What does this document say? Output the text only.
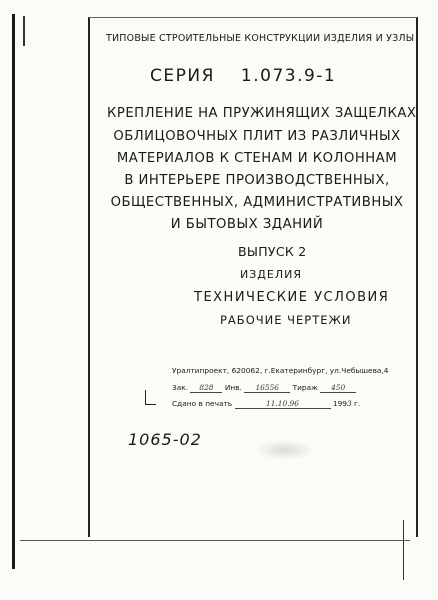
ТИПОВЫЕ СТРОИТЕЛЬНЫЕ КОНСТРУКЦИИ ИЗДЕЛИЯ И УЗЛЫ
СЕРИЯ 1.073.9-1
КРЕПЛЕНИЕ НА ПРУЖИНЯЩИХ ЗАЩЕЛКАХ
ОБЛИЦОВОЧНЫХ ПЛИТ ИЗ РАЗЛИЧНЫХ
МАТЕРИАЛОВ К СТЕНАМ И КОЛОННАМ
В ИНТЕРЬЕРЕ ПРОИЗВОДСТВЕННЫХ,
ОБЩЕСТВЕННЫХ, АДМИНИСТРАТИВНЫХ
И БЫТОВЫХ ЗДАНИЙ
ВЫПУСК 2
ИЗДЕЛИЯ
ТЕХНИЧЕСКИЕ УСЛОВИЯ
РАБОЧИЕ ЧЕРТЕЖИ
Уралтипроект, 620062, г.Екатеринбург, ул.Чебышева,4
Зак. 828 Инв. 16556 Тираж 450
Сдано в печать	11.10.96	1993 г.
1065-02
